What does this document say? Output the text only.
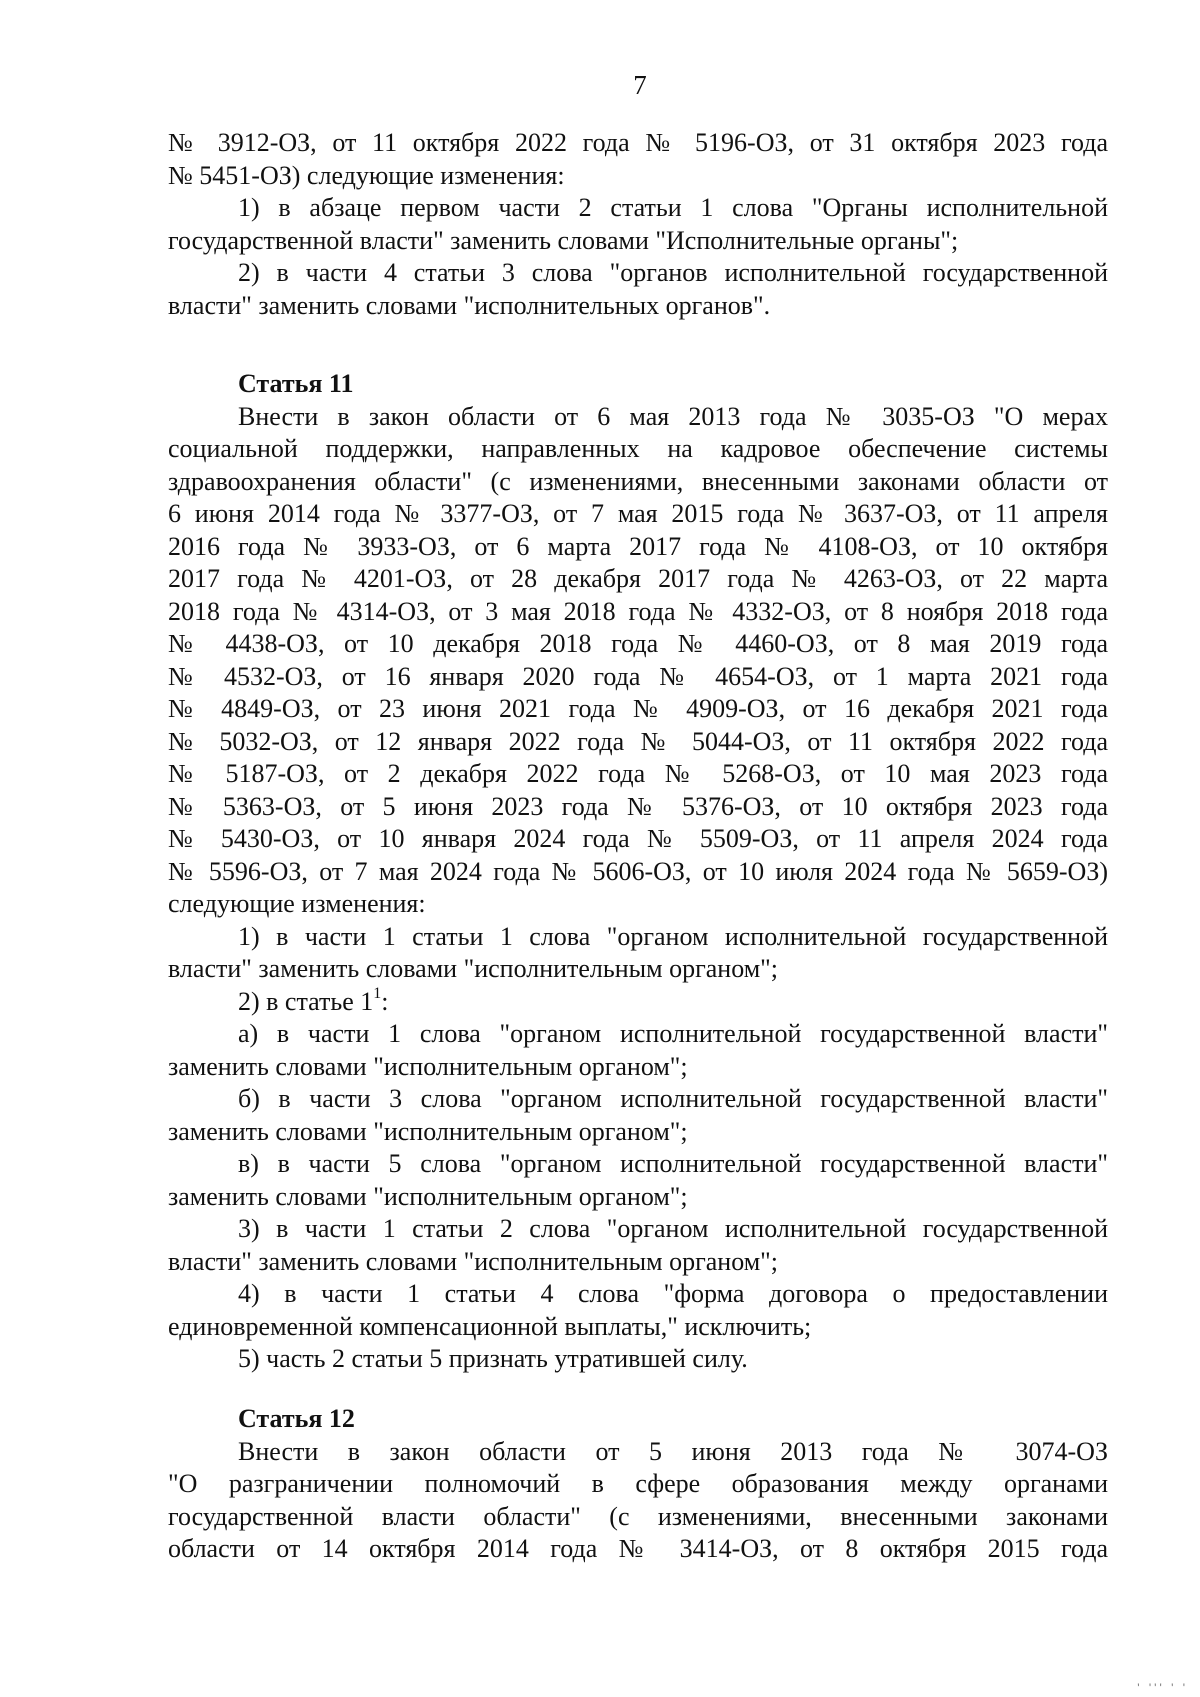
7
№ 3912-ОЗ, от 11 октября 2022 года № 5196-ОЗ, от 31 октября 2023 года
№ 5451-ОЗ) следующие изменения:
1) в абзаце первом части 2 статьи 1 слова "Органы исполнительной
государственной власти" заменить словами "Исполнительные органы";
2) в части 4 статьи 3 слова "органов исполнительной государственной
власти" заменить словами "исполнительных органов".
Статья 11
Внести в закон области от 6 мая 2013 года № 3035-ОЗ "О мерах
социальной поддержки, направленных на кадровое обеспечение системы
здравоохранения области" (с изменениями, внесенными законами области от
6 июня 2014 года № 3377-ОЗ, от 7 мая 2015 года № 3637-ОЗ, от 11 апреля
2016 года № 3933-ОЗ, от 6 марта 2017 года № 4108-ОЗ, от 10 октября
2017 года № 4201-ОЗ, от 28 декабря 2017 года № 4263-ОЗ, от 22 марта
2018 года № 4314-ОЗ, от 3 мая 2018 года № 4332-ОЗ, от 8 ноября 2018 года
№ 4438-ОЗ, от 10 декабря 2018 года № 4460-ОЗ, от 8 мая 2019 года
№ 4532-ОЗ, от 16 января 2020 года № 4654-ОЗ, от 1 марта 2021 года
№ 4849-ОЗ, от 23 июня 2021 года № 4909-ОЗ, от 16 декабря 2021 года
№ 5032-ОЗ, от 12 января 2022 года № 5044-ОЗ, от 11 октября 2022 года
№ 5187-ОЗ, от 2 декабря 2022 года № 5268-ОЗ, от 10 мая 2023 года
№ 5363-ОЗ, от 5 июня 2023 года № 5376-ОЗ, от 10 октября 2023 года
№ 5430-ОЗ, от 10 января 2024 года № 5509-ОЗ, от 11 апреля 2024 года
№ 5596-ОЗ, от 7 мая 2024 года № 5606-ОЗ, от 10 июля 2024 года № 5659-ОЗ)
следующие изменения:
1) в части 1 статьи 1 слова "органом исполнительной государственной
власти" заменить словами "исполнительным органом";
2) в статье $1^1$:
а) в части 1 слова "органом исполнительной государственной власти"
заменить словами "исполнительным органом";
б) в части 3 слова "органом исполнительной государственной власти"
заменить словами "исполнительным органом";
в) в части 5 слова "органом исполнительной государственной власти"
заменить словами "исполнительным органом";
3) в части 1 статьи 2 слова "органом исполнительной государственной
власти" заменить словами "исполнительным органом";
4) в части 1 статьи 4 слова "форма договора о предоставлении
единовременной компенсационной выплаты," исключить;
5) часть 2 статьи 5 признать утратившей силу.
Статья 12
Внести в закон области от 5 июня 2013 года № 3074-ОЗ
"О разграничении полномочий в сфере образования между органами
государственной власти области" (с изменениями, внесенными законами
области от 14 октября 2014 года № 3414-ОЗ, от 8 октября 2015 года
' ''' ' '
